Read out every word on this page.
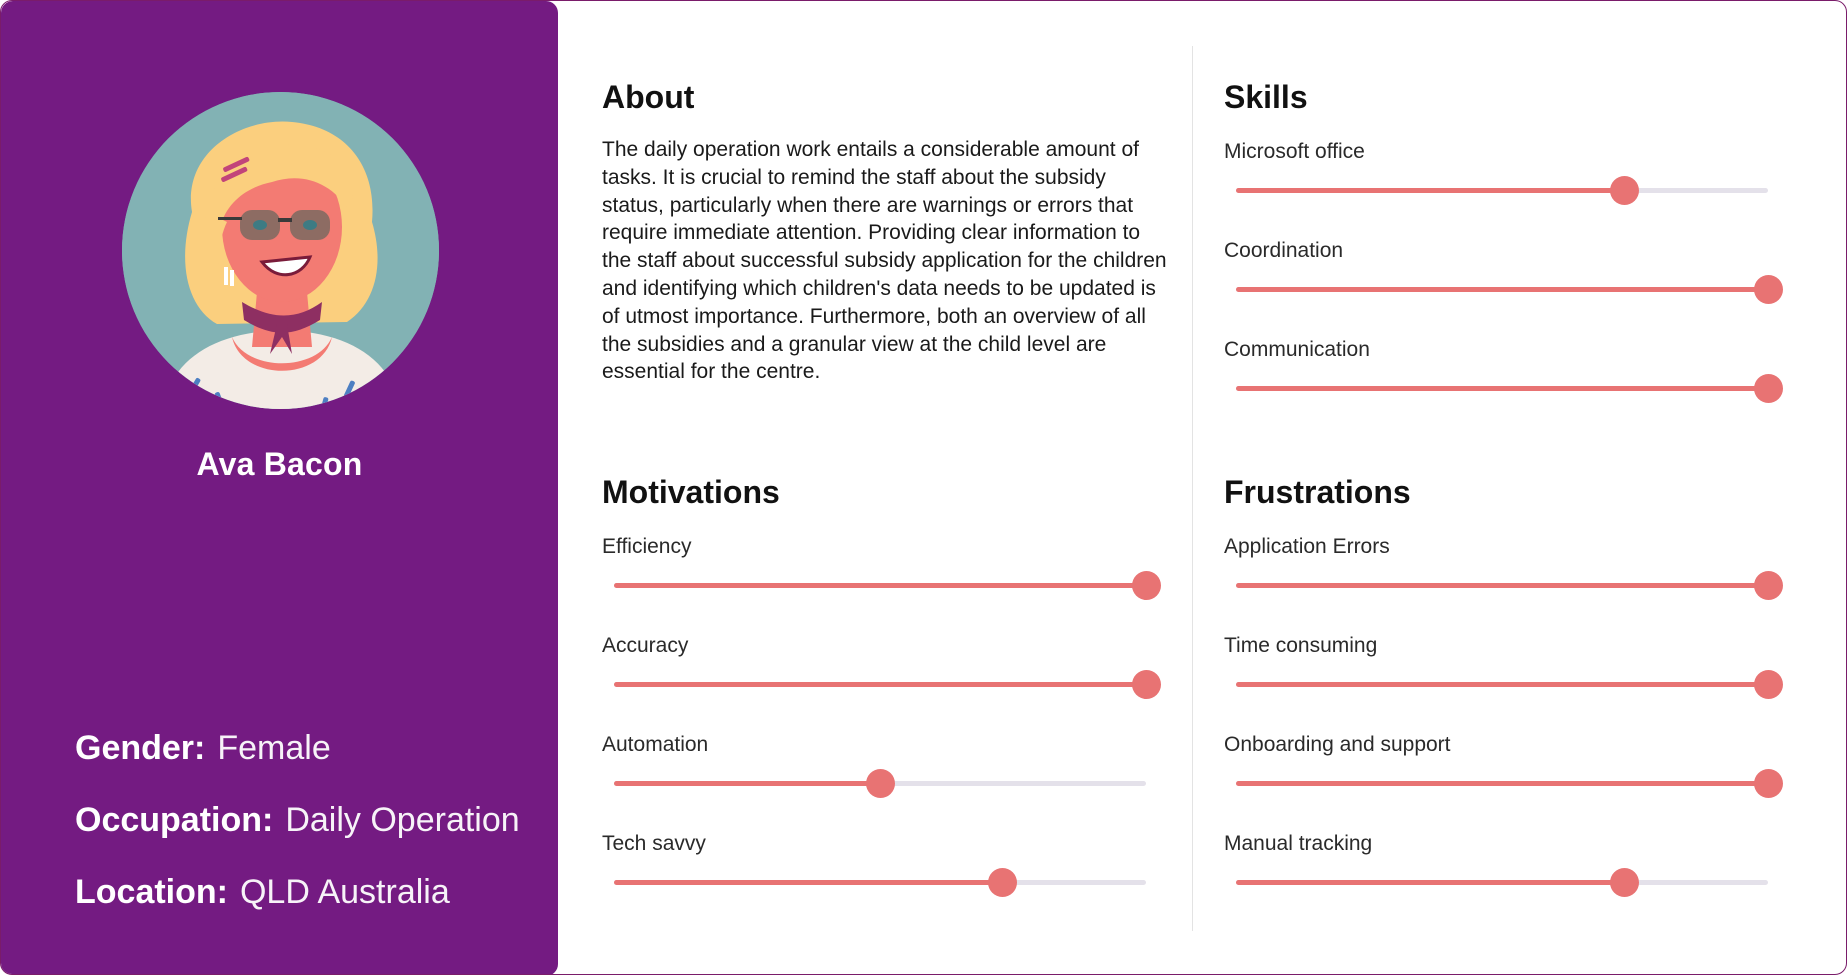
Ava Bacon
Gender: Female
Occupation: Daily Operation
Location: QLD Australia
About
The daily operation work entails a considerable amount of tasks. It is crucial to remind the staff about the subsidy status, particularly when there are warnings or errors that require immediate attention. Providing clear information to the staff about successful subsidy application for the children and identifying which children's data needs to be updated is of utmost importance. Furthermore, both an overview of all the subsidies and a granular view at the child level are essential for the centre.
Skills
Microsoft office
Coordination
Communication
Motivations
Efficiency
Accuracy
Automation
Tech savvy
Frustrations
Application Errors
Time consuming
Onboarding and support
Manual tracking
